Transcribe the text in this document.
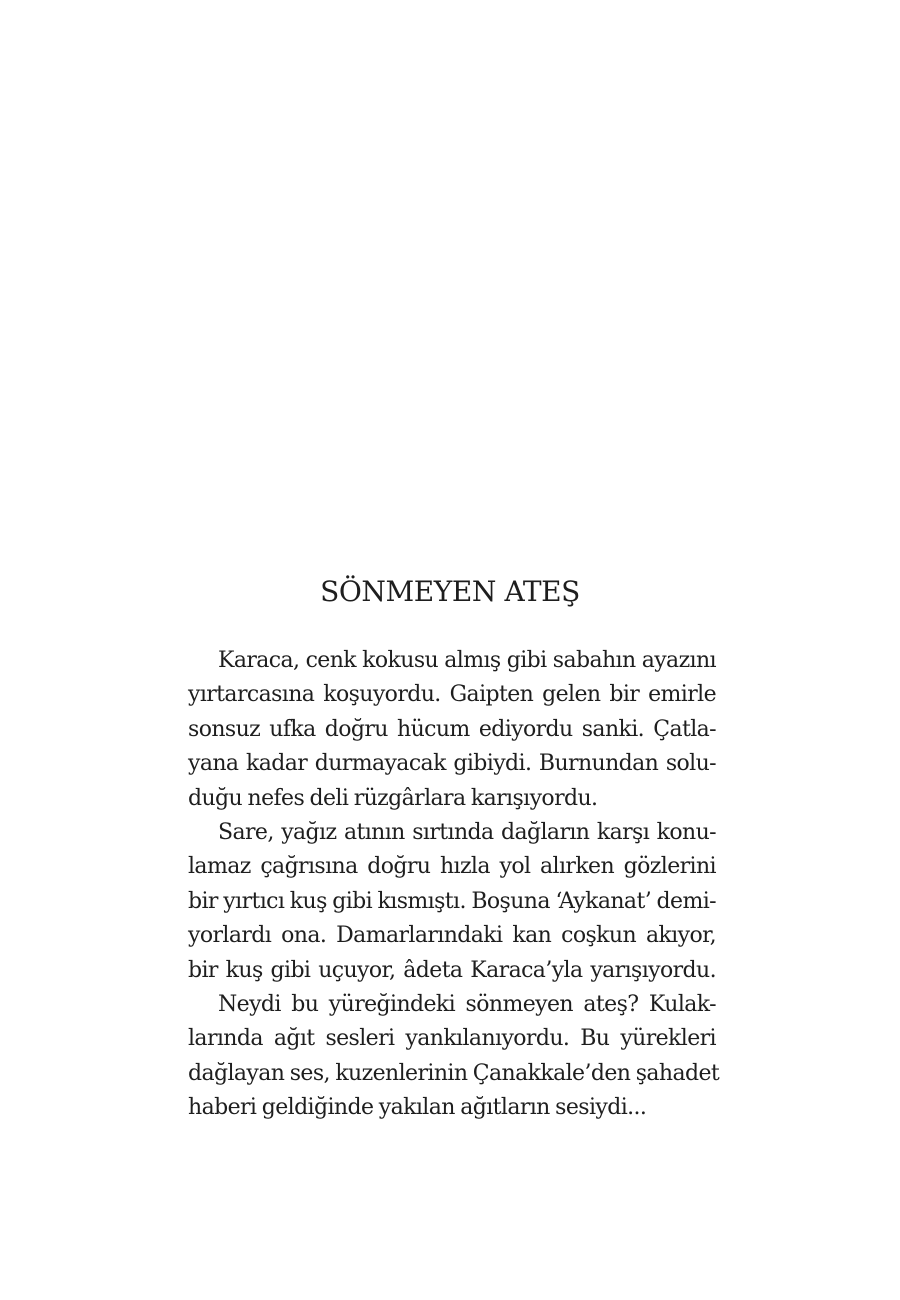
SÖNMEYEN ATEŞ

Karaca, cenk kokusu almış gibi sabahın ayazını
yırtarcasına koşuyordu. Gaipten gelen bir emirle
sonsuz ufka doğru hücum ediyordu sanki. Çatla-
yana kadar durmayacak gibiydi. Burnundan solu-
duğu nefes deli rüzgârlara karışıyordu.

Sare, yağız atının sırtında dağların karşı konu-
lamaz çağrısına doğru hızla yol alırken gözlerini
bir yırtıcı kuş gibi kısmıştı. Boşuna ‘Aykanat’ demi-
yorlardı ona. Damarlarındaki kan coşkun akıyor,
bir kuş gibi uçuyor, âdeta Karaca’yla yarışıyordu.

Neydi bu yüreğindeki sönmeyen ateş? Kulak-
larında ağıt sesleri yankılanıyordu. Bu yürekleri
dağlayan ses, kuzenlerinin Çanakkale’den şahadet
haberi geldiğinde yakılan ağıtların sesiydi...
